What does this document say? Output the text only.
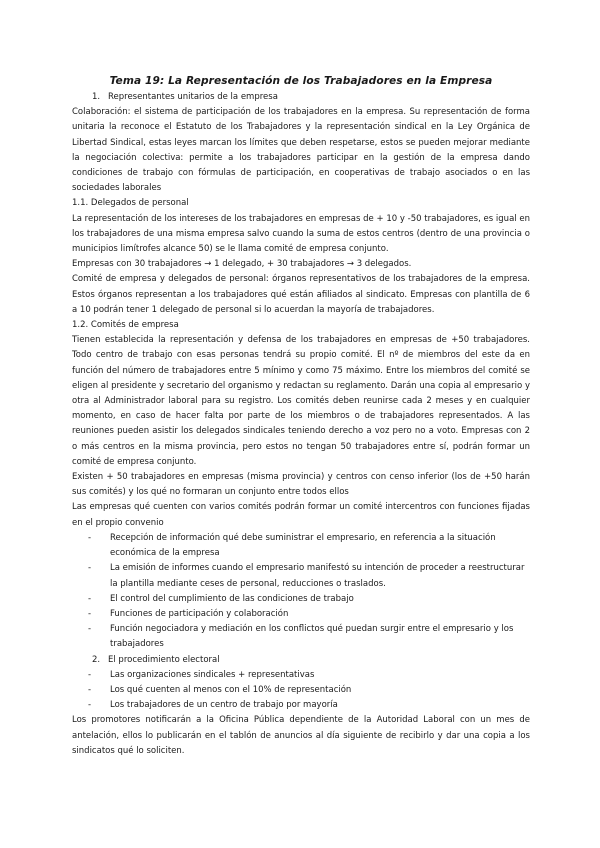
Tema 19: La Representación de los Trabajadores en la Empresa

1. Representantes unitarios de la empresa

Colaboración: el sistema de participación de los trabajadores en la empresa. Su representación de forma unitaria la reconoce el Estatuto de los Trabajadores y la representación sindical en la Ley Orgánica de Libertad Sindical, estas leyes marcan los límites que deben respetarse, estos se pueden mejorar mediante la negociación colectiva: permite a los trabajadores participar en la gestión de la empresa dando condiciones de trabajo con fórmulas de participación, en cooperativas de trabajo asociados o en las sociedades laborales

1.1. Delegados de personal

La representación de los intereses de los trabajadores en empresas de + 10 y -50 trabajadores, es igual en los trabajadores de una misma empresa salvo cuando la suma de estos centros (dentro de una provincia o municipios limítrofes alcance 50) se le llama comité de empresa conjunto.

Empresas con 30 trabajadores → 1 delegado, + 30 trabajadores → 3 delegados.

Comité de empresa y delegados de personal: órganos representativos de los trabajadores de la empresa. Estos órganos representan a los trabajadores qué están afiliados al sindicato. Empresas con plantilla de 6 a 10 podrán tener 1 delegado de personal si lo acuerdan la mayoría de trabajadores.

1.2. Comités de empresa

Tienen establecida la representación y defensa de los trabajadores en empresas de +50 trabajadores. Todo centro de trabajo con esas personas tendrá su propio comité. El nº de miembros del este da en función del número de trabajadores entre 5 mínimo y como 75 máximo. Entre los miembros del comité se eligen al presidente y secretario del organismo y redactan su reglamento. Darán una copia al empresario y otra al Administrador laboral para su registro. Los comités deben reunirse cada 2 meses y en cualquier momento, en caso de hacer falta por parte de los miembros o de trabajadores representados. A las reuniones pueden asistir los delegados sindicales teniendo derecho a voz pero no a voto. Empresas con 2 o más centros en la misma provincia, pero estos no tengan 50 trabajadores entre sí, podrán formar un comité de empresa conjunto.

Existen + 50 trabajadores en empresas (misma provincia) y centros con censo inferior (los de +50 harán sus comités) y los qué no formaran un conjunto entre todos ellos

Las empresas qué cuenten con varios comités podrán formar un comité intercentros con funciones fijadas en el propio convenio

-	Recepción de información qué debe suministrar el empresario, en referencia a la situación económica de la empresa
-	La emisión de informes cuando el empresario manifestó su intención de proceder a reestructurar la plantilla mediante ceses de personal, reducciones o traslados.
-	El control del cumplimiento de las condiciones de trabajo
-	Funciones de participación y colaboración
-	Función negociadora y mediación en los conflictos qué puedan surgir entre el empresario y los trabajadores
2. El procedimiento electoral
-	Las organizaciones sindicales + representativas
-	Los qué cuenten al menos con el 10% de representación
-	Los trabajadores de un centro de trabajo por mayoría

Los promotores notificarán a la Oficina Pública dependiente de la Autoridad Laboral con un mes de antelación, ellos lo publicarán en el tablón de anuncios al día siguiente de recibirlo y dar una copia a los sindicatos qué lo soliciten.
